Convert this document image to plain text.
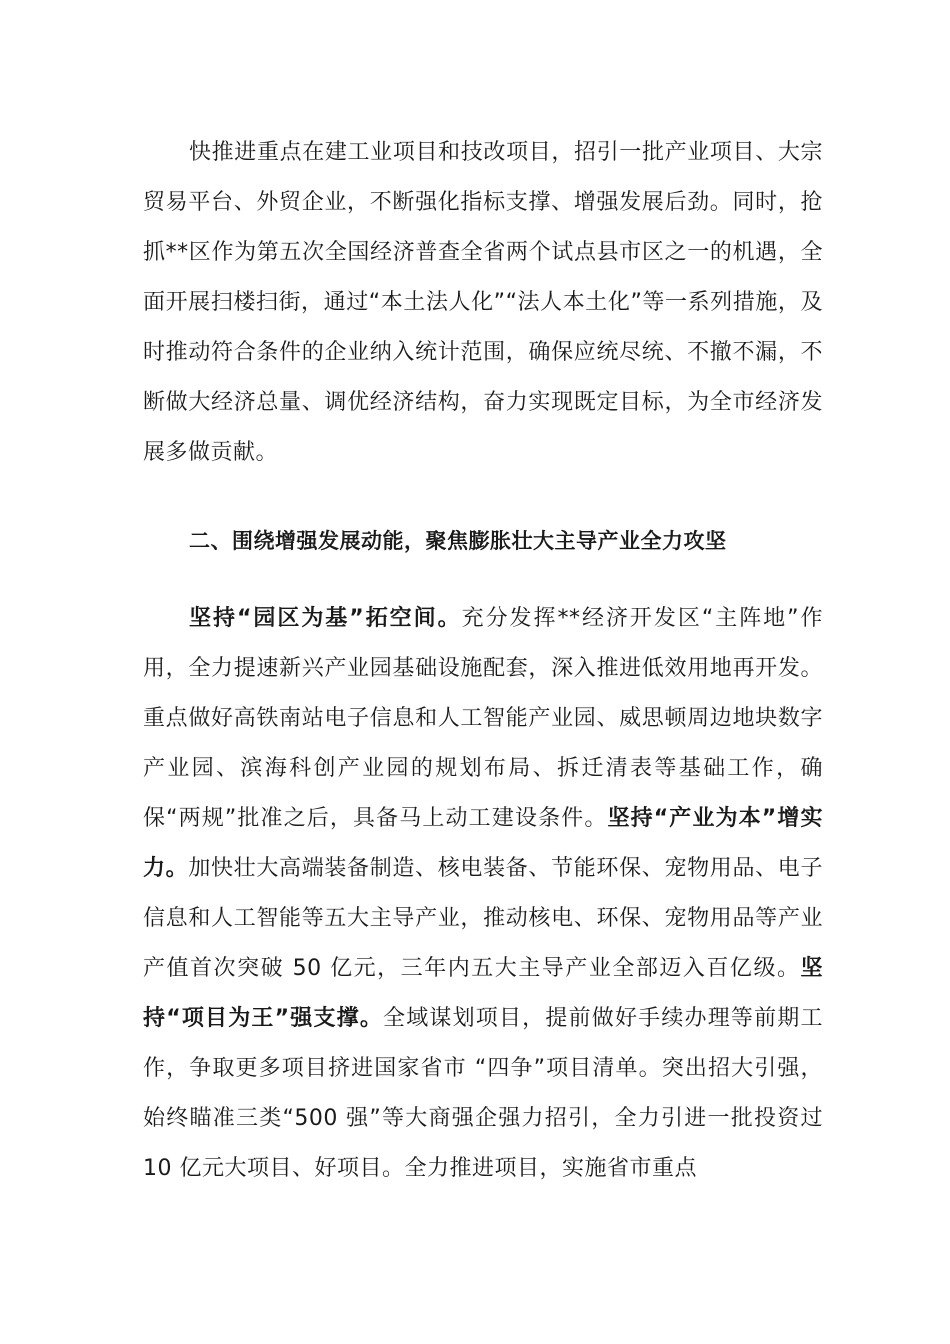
快推进重点在建工业项目和技改项目，招引一批产业项目、大宗贸易平台、外贸企业，不断强化指标支撑、增强发展后劲。同时，抢抓**区作为第五次全国经济普查全省两个试点县市区之一的机遇，全面开展扫楼扫街，通过“本土法人化”“法人本土化”等一系列措施，及时推动符合条件的企业纳入统计范围，确保应统尽统、不撤不漏，不断做大经济总量、调优经济结构，奋力实现既定目标，为全市经济发展多做贡献。

二、围绕增强发展动能，聚焦膨胀壮大主导产业全力攻坚

坚持“园区为基”拓空间。充分发挥**经济开发区“主阵地”作用，全力提速新兴产业园基础设施配套，深入推进低效用地再开发。重点做好高铁南站电子信息和人工智能产业园、威思顿周边地块数字产业园、滨海科创产业园的规划布局、拆迁清表等基础工作，确保“两规”批准之后，具备马上动工建设条件。坚持“产业为本”增实力。加快壮大高端装备制造、核电装备、节能环保、宠物用品、电子信息和人工智能等五大主导产业，推动核电、环保、宠物用品等产业产值首次突破 50 亿元，三年内五大主导产业全部迈入百亿级。坚持“项目为王”强支撑。全域谋划项目，提前做好手续办理等前期工作，争取更多项目挤进国家省市 “四争”项目清单。突出招大引强，始终瞄准三类“500 强”等大商强企强力招引，全力引进一批投资过 10 亿元大项目、好项目。全力推进项目，实施省市重点
